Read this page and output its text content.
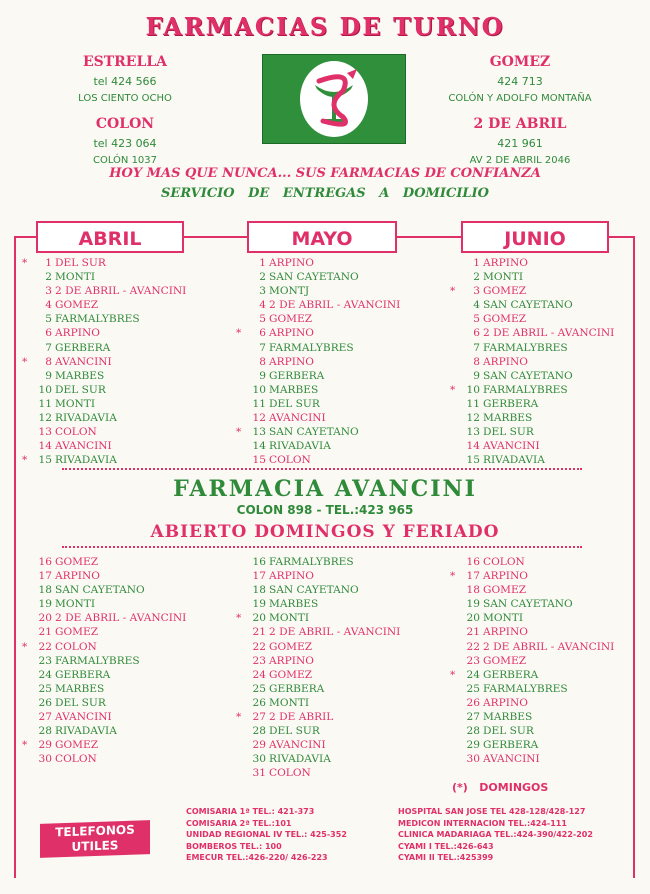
FARMACIAS DE TURNO
ESTRELLA
tel 424 566
LOS CIENTO OCHO
COLON
tel 423 064
COLÓN 1037
GOMEZ
424 713
COLÓN Y ADOLFO MONTAÑA
2 DE ABRIL
421 961
AV 2 DE ABRIL 2046
HOY MAS QUE NUNCA... SUS FARMACIAS DE CONFIANZA
SERVICIO   DE   ENTREGAS   A   DOMICILIO
ABRIL	MAYO	JUNIO
* 1 DEL SUR
2 MONTI
3 2 DE ABRIL - AVANCINI
4 GOMEZ
5 FARMALYBRES
6 ARPINO
7 GERBERA
* 8 AVANCINI
9 MARBES
10 DEL SUR
11 MONTI
12 RIVADAVIA
13 COLON
14 AVANCINI
* 15 RIVADAVIA
1 ARPINO
2 SAN CAYETANO
3 MONTJ
4 2 DE ABRIL - AVANCINI
5 GOMEZ
* 6 ARPINO
7 FARMALYBRES
8 ARPINO
9 GERBERA
10 MARBES
11 DEL SUR
12 AVANCINI
* 13 SAN CAYETANO
14 RIVADAVIA
15 COLON
1 ARPINO
2 MONTI
* 3 GOMEZ
4 SAN CAYETANO
5 GOMEZ
6 2 DE ABRIL - AVANCINI
7 FARMALYBRES
8 ARPINO
9 SAN CAYETANO
* 10 FARMALYBRES
11 GERBERA
12 MARBES
13 DEL SUR
14 AVANCINI
15 RIVADAVIA
FARMACIA AVANCINI
COLON 898 - TEL.:423 965
ABIERTO DOMINGOS Y FERIADO
16 GOMEZ
17 ARPINO
18 SAN CAYETANO
19 MONTI
20 2 DE ABRIL - AVANCINI
21 GOMEZ
* 22 COLON
23 FARMALYBRES
24 GERBERA
25 MARBES
26 DEL SUR
27 AVANCINI
28 RIVADAVIA
* 29 GOMEZ
30 COLON
16 FARMALYBRES
17 ARPINO
18 SAN CAYETANO
19 MARBES
* 20 MONTI
21 2 DE ABRIL - AVANCINI
22 GOMEZ
23 ARPINO
24 GOMEZ
25 GERBERA
26 MONTI
* 27 2 DE ABRIL
28 DEL SUR
29 AVANCINI
30 RIVADAVIA
31 COLON
16 COLON
* 17 ARPINO
18 GOMEZ
19 SAN CAYETANO
20 MONTI
21 ARPINO
22 2 DE ABRIL - AVANCINI
23 GOMEZ
* 24 GERBERA
25 FARMALYBRES
26 ARPINO
27 MARBES
28 DEL SUR
29 GERBERA
30 AVANCINI
(*)   DOMINGOS
TELEFONOS
UTILES
COMISARIA 1ª TEL.: 421-373
COMISARIA 2ª TEL.:101
UNIDAD REGIONAL IV TEL.: 425-352
BOMBEROS TEL.: 100
EMECUR TEL.:426-220/ 426-223
HOSPITAL SAN JOSE TEL 428-128/428-127
MEDICON INTERNACION TEL.:424-111
CLINICA MADARIAGA TEL.:424-390/422-202
CYAMI I TEL.:426-643
CYAMI II TEL.:425399
